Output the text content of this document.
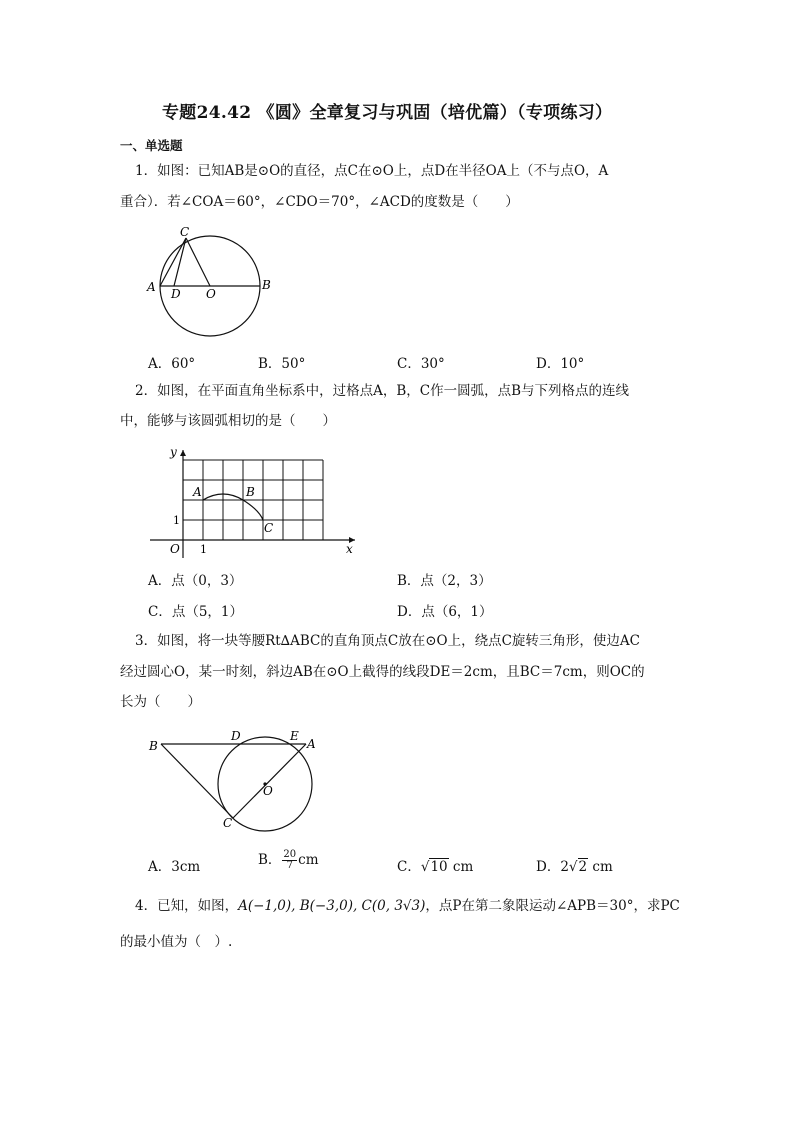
专题24.42 《圆》全章复习与巩固（培优篇）（专项练习）
一、单选题
1．如图：已知AB是⊙O的直径，点C在⊙O上，点D在半径OA上（不与点O，A
重合）．若∠COA＝60°，∠CDO＝70°，∠ACD的度数是（　　）
C
A D O
B
A．60°	B．50°	C．30°	D．10°
2．如图，在平面直角坐标系中，过格点A，B，C作一圆弧，点B与下列格点的连线
中，能够与该圆弧相切的是（　　）
y
A	B
1
C
O 1	x
A．点（0，3）	B．点（2，3）
C．点（5，1）	D．点（6，1）
3．如图，将一块等腰Rt∆ABC的直角顶点C放在⊙O上，绕点C旋转三角形，使边AC
经过圆心O，某一时刻，斜边AB在⊙O上截得的线段DE＝2cm，且BC＝7cm，则OC的
长为（　　）
B
D	E
A
O
C
A．3cm	B． $\frac{20}{7}$ cm	C．√10 cm	D．2√2 cm
4．已知，如图，A(−1,0), B(−3,0), C(0, 3√3)，点P在第二象限运动∠APB＝30°，求PC
的最小值为（　）.
